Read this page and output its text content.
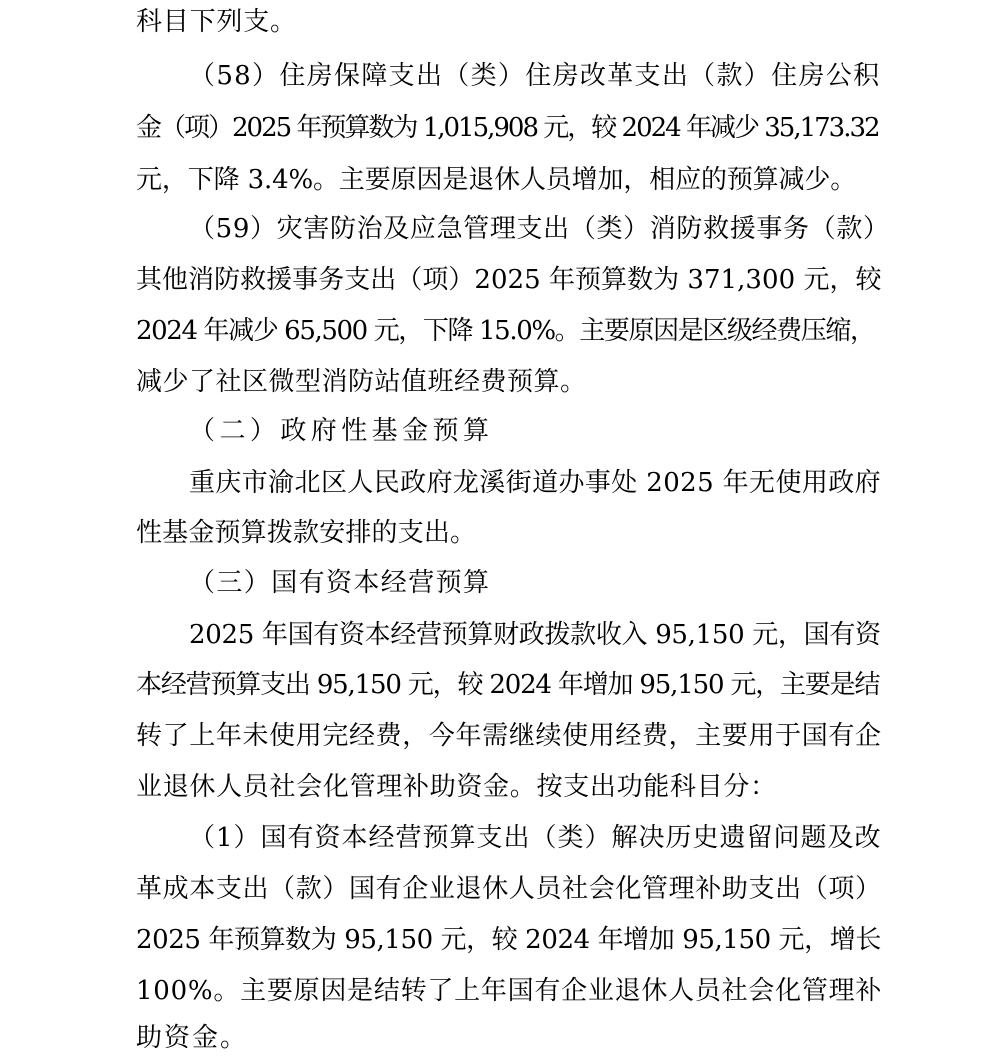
科目下列支。

（58）住房保障支出（类）住房改革支出（款）住房公积

金（项）2025 年预算数为 1,015,908 元，较 2024 年减少 35,173.32

元，下降 3.4%。主要原因是退休人员增加，相应的预算减少。

（59）灾害防治及应急管理支出（类）消防救援事务（款）

其他消防救援事务支出（项）2025 年预算数为 371,300 元，较

2024 年减少 65,500 元，下降 15.0%。主要原因是区级经费压缩，

减少了社区微型消防站值班经费预算。

（二）政府性基金预算

重庆市渝北区人民政府龙溪街道办事处 2025 年无使用政府

性基金预算拨款安排的支出。

（三）国有资本经营预算

2025 年国有资本经营预算财政拨款收入 95,150 元，国有资

本经营预算支出 95,150 元，较 2024 年增加 95,150 元，主要是结

转了上年未使用完经费，今年需继续使用经费，主要用于国有企

业退休人员社会化管理补助资金。按支出功能科目分：

（1）国有资本经营预算支出（类）解决历史遗留问题及改

革成本支出（款）国有企业退休人员社会化管理补助支出（项）

2025 年预算数为 95,150 元，较 2024 年增加 95,150 元，增长

100%。主要原因是结转了上年国有企业退休人员社会化管理补

助资金。
